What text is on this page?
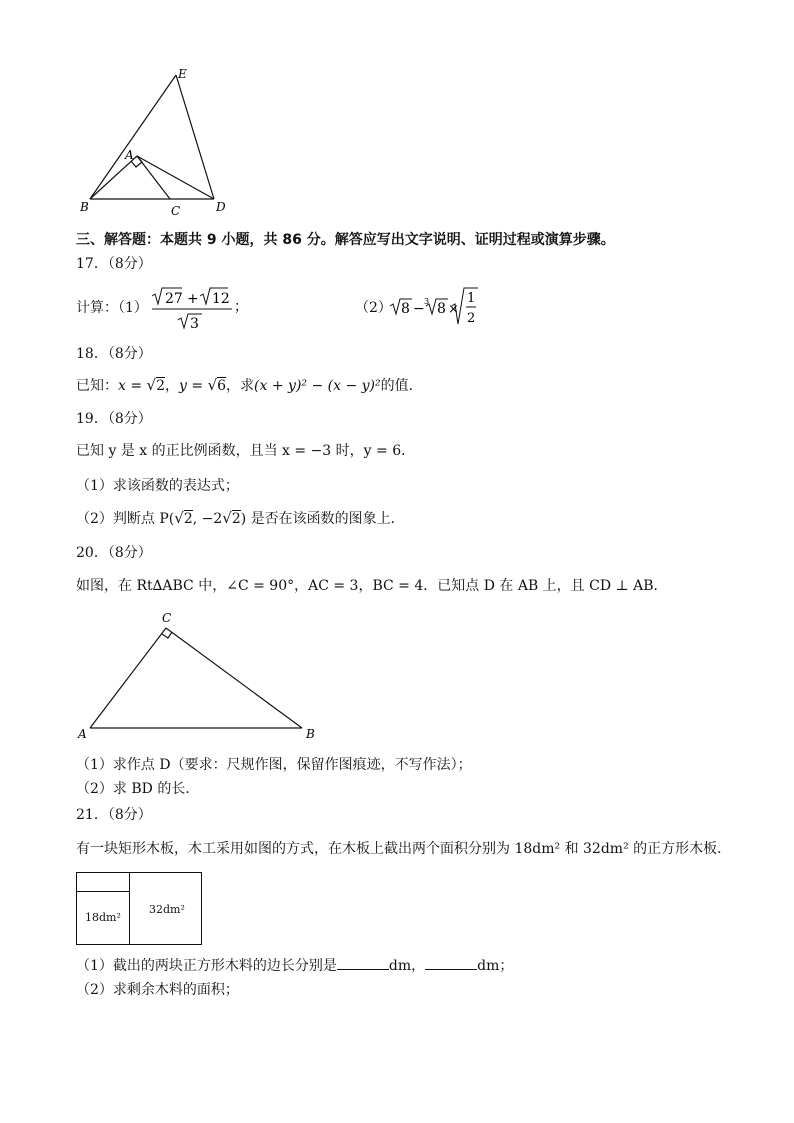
E
A
B	C	D
三、解答题：本题共 9 小题，共 86 分。解答应写出文字说明、证明过程或演算步骤。
17．（8分）
计算：（1）
27 + 12
3
；	（2） 8 − 3 8 ×
1
2
18．（8分）
已知：x = √2，y = √6，求(x + y)² − (x − y)²的值．
19．（8分）
已知 y 是 x 的正比例函数，且当 x = −3 时，y = 6．
（1）求该函数的表达式；
（2）判断点 P(√2, −2√2) 是否在该函数的图象上．
20．（8分）
如图，在 Rt∆ABC 中，∠C = 90°，AC = 3，BC = 4．已知点 D 在 AB 上，且 CD ⊥ AB．
C
A	B
（1）求作点 D（要求：尺规作图，保留作图痕迹，不写作法）；
（2）求 BD 的长．
21．（8分）
有一块矩形木板，木工采用如图的方式，在木板上截出两个面积分别为 18dm² 和 32dm² 的正方形木板．
18dm²
32dm²
（1）截出的两块正方形木料的边长分别是	dm，	dm；
（2）求剩余木料的面积；
